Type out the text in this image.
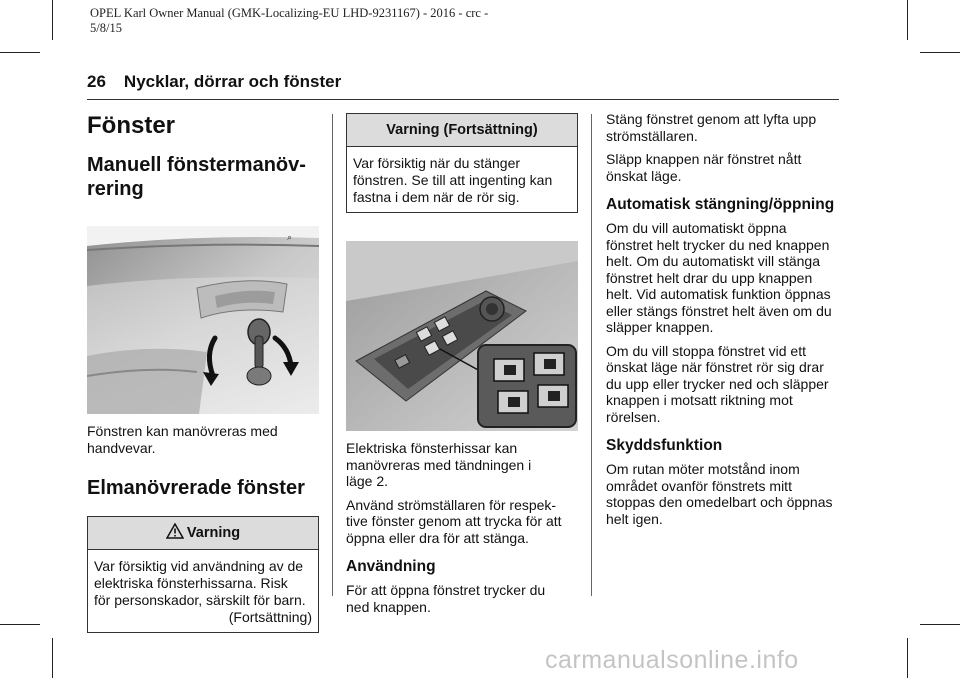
OPEL Karl Owner Manual (GMK-Localizing-EU LHD-9231167) - 2016 - crc -
5/8/15
26 Nycklar, dörrar och fönster
Fönster
Manuell fönstermanöv-
rering
⌕

Fönstren kan manövreras med
handvevar.

Elmanövrerade fönster
Varning
Var försiktig vid användning av de
elektriska fönsterhissarna. Risk
för personskador, särskilt för barn.
(Fortsättning)
Varning (Fortsättning)
Var försiktig när du stänger
fönstren. Se till att ingenting kan
fastna i dem när de rör sig.

Elektriska fönsterhissar kan
manövreras med tändningen i
läge 2.

Använd strömställaren för respek-
tive fönster genom att trycka för att
öppna eller dra för att stänga.

Användning

För att öppna fönstret trycker du
ned knappen.

Stäng fönstret genom att lyfta upp
strömställaren.

Släpp knappen när fönstret nått
önskat läge.

Automatisk stängning/öppning

Om du vill automatiskt öppna
fönstret helt trycker du ned knappen
helt. Om du automatiskt vill stänga
fönstret helt drar du upp knappen
helt. Vid automatisk funktion öppnas
eller stängs fönstret helt även om du
släpper knappen.

Om du vill stoppa fönstret vid ett
önskat läge när fönstret rör sig drar
du upp eller trycker ned och släpper
knappen i motsatt riktning mot
rörelsen.

Skyddsfunktion

Om rutan möter motstånd inom
området ovanför fönstrets mitt
stoppas den omedelbart och öppnas
helt igen.

carmanualsonline.info
